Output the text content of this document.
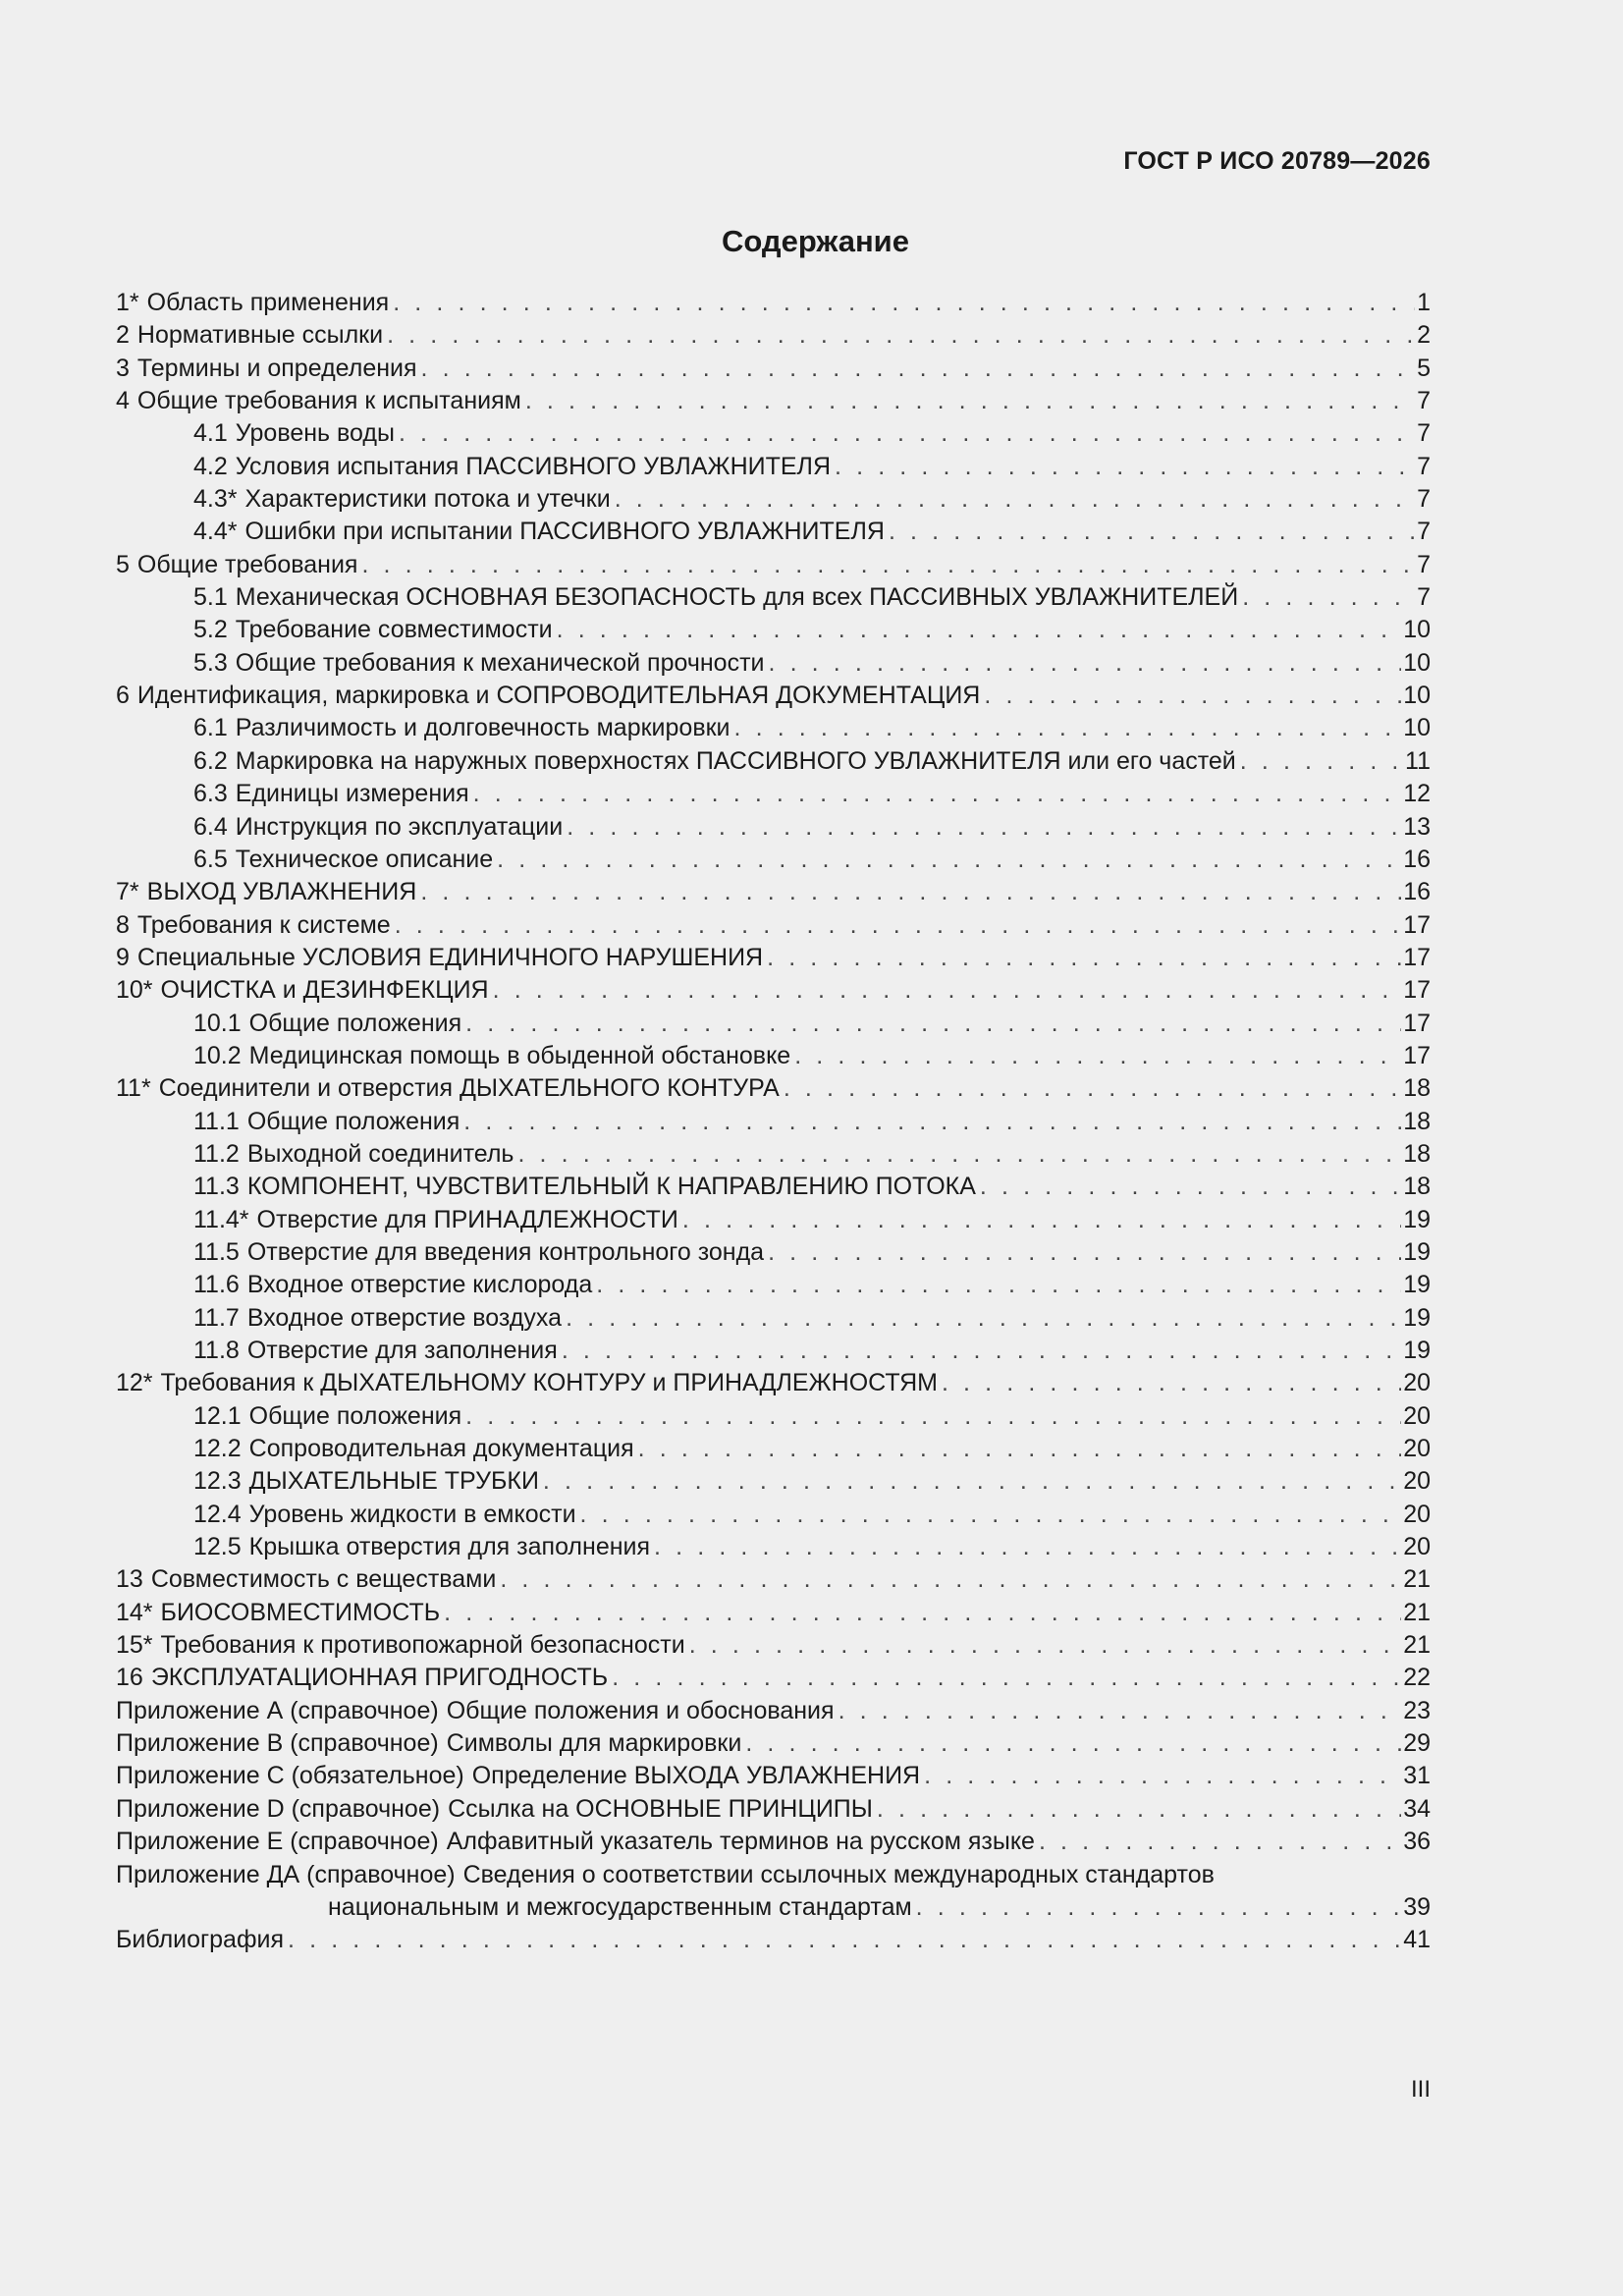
ГОСТ Р ИСО 20789—2026
Содержание
1* Область применения . . .	1
2 Нормативные ссылки . . .	2
3 Термины и определения . . .	5
4 Общие требования к испытаниям . . .	7
4.1 Уровень воды . . .	7
4.2 Условия испытания ПАССИВНОГО УВЛАЖНИТЕЛЯ . . .	7
4.3* Характеристики потока и утечки . . .	7
4.4* Ошибки при испытании ПАССИВНОГО УВЛАЖНИТЕЛЯ . . .	7
5 Общие требования . . .	7
5.1 Механическая ОСНОВНАЯ БЕЗОПАСНОСТЬ для всех ПАССИВНЫХ УВЛАЖНИТЕЛЕЙ . . .	7
5.2 Требование совместимости . . .	10
5.3 Общие требования к механической прочности . . .	10
6 Идентификация, маркировка и СОПРОВОДИТЕЛЬНАЯ ДОКУМЕНТАЦИЯ . . .	10
6.1 Различимость и долговечность маркировки . . .	10
6.2 Маркировка на наружных поверхностях ПАССИВНОГО УВЛАЖНИТЕЛЯ или его частей . . .	11
6.3 Единицы измерения . . .	12
6.4 Инструкция по эксплуатации . . .	13
6.5 Техническое описание . . .	16
7* ВЫХОД УВЛАЖНЕНИЯ . . .	16
8 Требования к системе . . .	17
9 Специальные УСЛОВИЯ ЕДИНИЧНОГО НАРУШЕНИЯ . . .	17
10* ОЧИСТКА и ДЕЗИНФЕКЦИЯ . . .	17
10.1 Общие положения . . .	17
10.2 Медицинская помощь в обыденной обстановке . . .	17
11* Соединители и отверстия ДЫХАТЕЛЬНОГО КОНТУРА . . .	18
11.1 Общие положения . . .	18
11.2 Выходной соединитель . . .	18
11.3 КОМПОНЕНТ, ЧУВСТВИТЕЛЬНЫЙ К НАПРАВЛЕНИЮ ПОТОКА . . .	18
11.4* Отверстие для ПРИНАДЛЕЖНОСТИ . . .	19
11.5 Отверстие для введения контрольного зонда . . .	19
11.6 Входное отверстие кислорода . . .	19
11.7 Входное отверстие воздуха . . .	19
11.8 Отверстие для заполнения . . .	19
12* Требования к ДЫХАТЕЛЬНОМУ КОНТУРУ и ПРИНАДЛЕЖНОСТЯМ . . .	20
12.1 Общие положения . . .	20
12.2 Сопроводительная документация . . .	20
12.3 ДЫХАТЕЛЬНЫЕ ТРУБКИ . . .	20
12.4 Уровень жидкости в емкости . . .	20
12.5 Крышка отверстия для заполнения . . .	20
13 Совместимость с веществами . . .	21
14* БИОСОВМЕСТИМОСТЬ . . .	21
15* Требования к противопожарной безопасности . . .	21
16 ЭКСПЛУАТАЦИОННАЯ ПРИГОДНОСТЬ . . .	22
Приложение А (справочное) Общие положения и обоснования . . .	23
Приложение В (справочное) Символы для маркировки . . .	29
Приложение С (обязательное) Определение ВЫХОДА УВЛАЖНЕНИЯ . . .	31
Приложение D (справочное) Ссылка на ОСНОВНЫЕ ПРИНЦИПЫ . . .	34
Приложение Е (справочное) Алфавитный указатель терминов на русском языке . . .	36
Приложение ДА (справочное) Сведения о соответствии ссылочных международных стандартов
национальным и межгосударственным стандартам . . .	39
Библиография . . .	41
III
